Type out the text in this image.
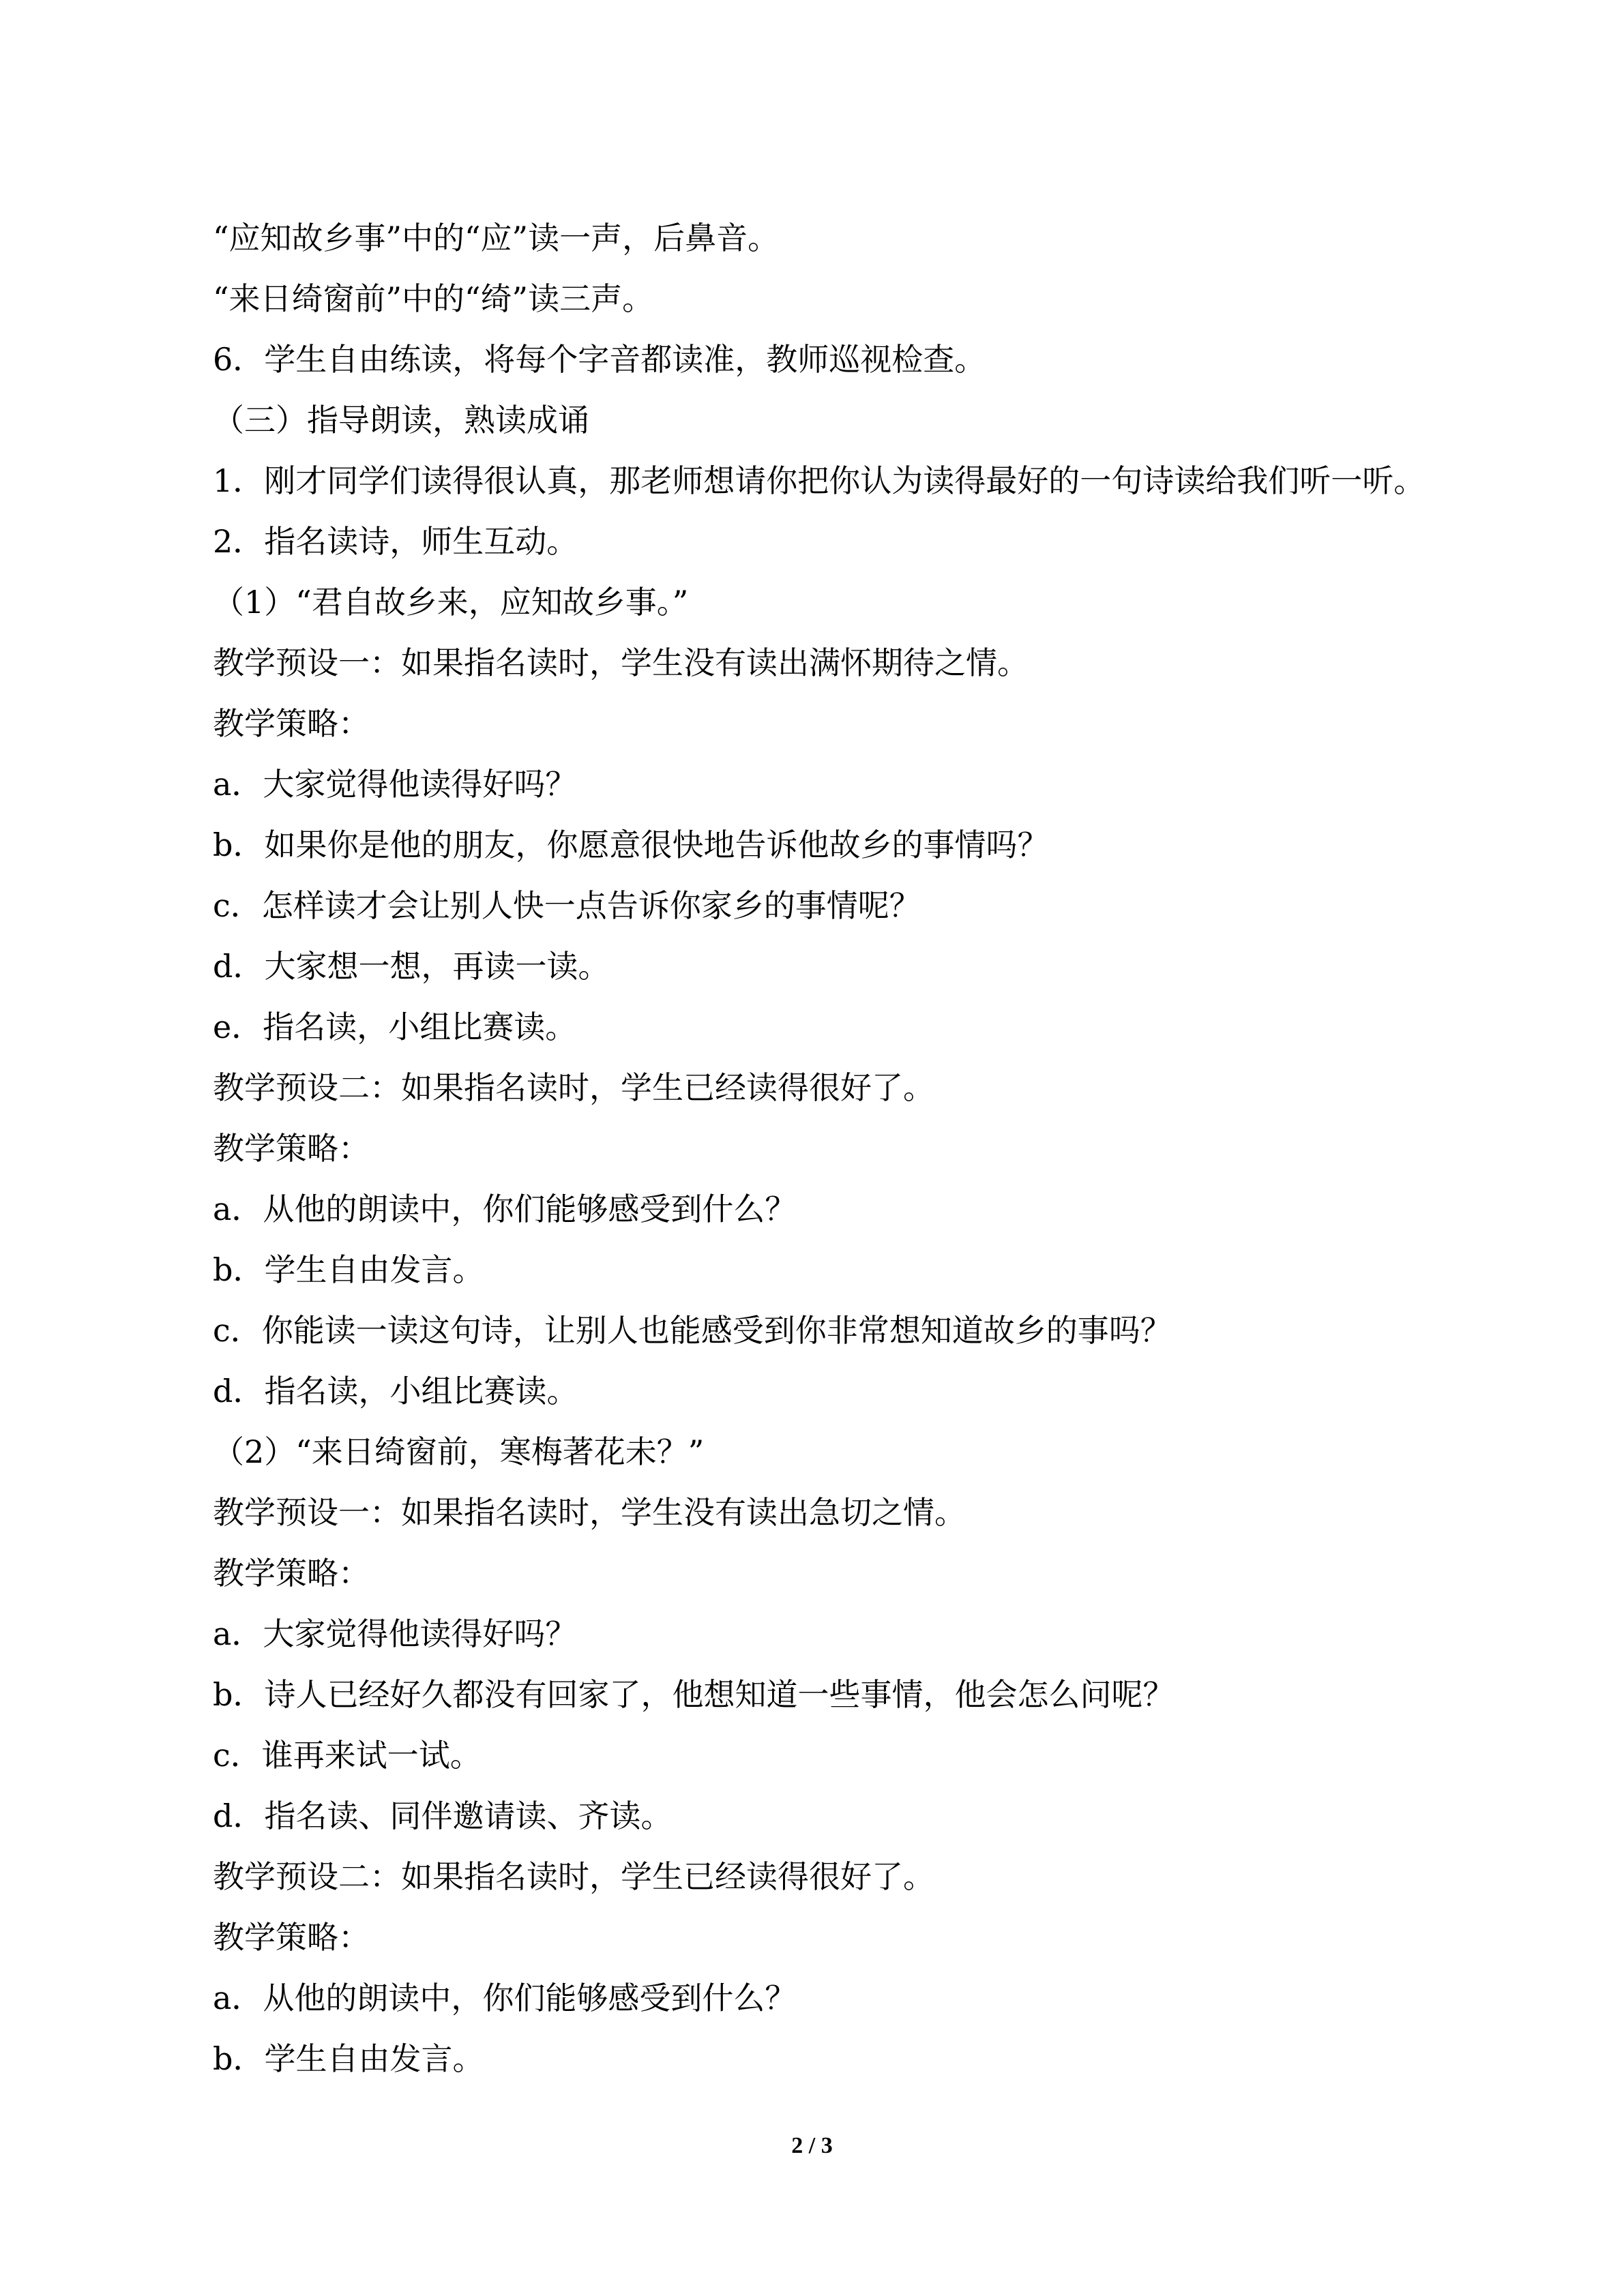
“应知故乡事”中的“应”读一声，后鼻音。
“来日绮窗前”中的“绮”读三声。
6．学生自由练读，将每个字音都读准，教师巡视检查。
（三）指导朗读，熟读成诵
1．刚才同学们读得很认真，那老师想请你把你认为读得最好的一句诗读给我们听一听。
2．指名读诗，师生互动。
（1）“君自故乡来，应知故乡事。”
教学预设一：如果指名读时，学生没有读出满怀期待之情。
教学策略：
a．大家觉得他读得好吗？
b．如果你是他的朋友，你愿意很快地告诉他故乡的事情吗？
c．怎样读才会让别人快一点告诉你家乡的事情呢？
d．大家想一想，再读一读。
e．指名读，小组比赛读。
教学预设二：如果指名读时，学生已经读得很好了。
教学策略：
a．从他的朗读中，你们能够感受到什么？
b．学生自由发言。
c．你能读一读这句诗，让别人也能感受到你非常想知道故乡的事吗？
d．指名读，小组比赛读。
（2）“来日绮窗前，寒梅著花未？”
教学预设一：如果指名读时，学生没有读出急切之情。
教学策略：
a．大家觉得他读得好吗？
b．诗人已经好久都没有回家了，他想知道一些事情，他会怎么问呢？
c．谁再来试一试。
d．指名读、同伴邀请读、齐读。
教学预设二：如果指名读时，学生已经读得很好了。
教学策略：
a．从他的朗读中，你们能够感受到什么？
b．学生自由发言。
2 / 3
